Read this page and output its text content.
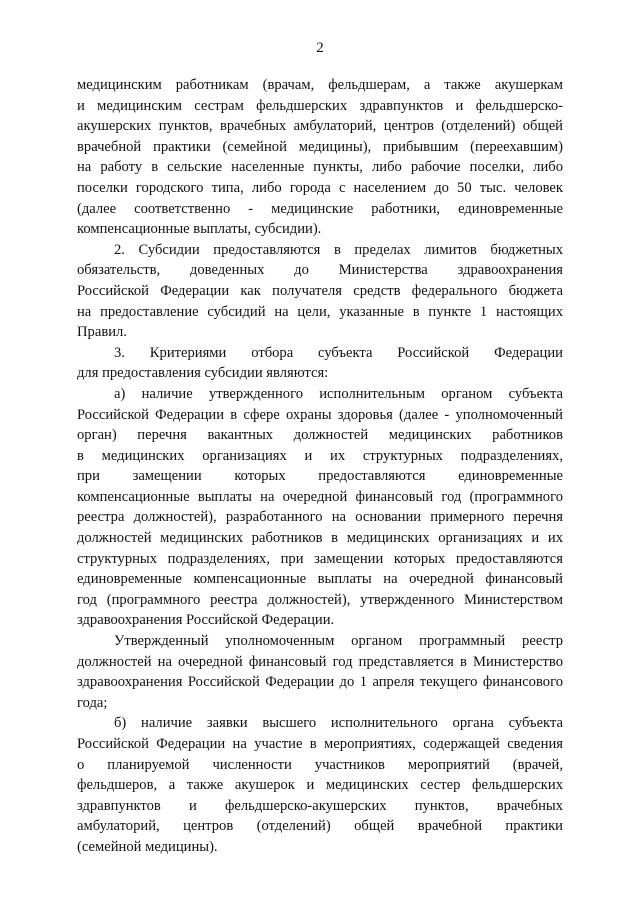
2
медицинским работникам (врачам, фельдшерам, а также акушеркам
и медицинским сестрам фельдшерских здравпунктов и фельдшерско-
акушерских пунктов, врачебных амбулаторий, центров (отделений) общей
врачебной практики (семейной медицины), прибывшим (переехавшим)
на работу в сельские населенные пункты, либо рабочие поселки, либо
поселки городского типа, либо города с населением до 50 тыс. человек
(далее соответственно - медицинские работники, единовременные
компенсационные выплаты, субсидии).
2. Субсидии предоставляются в пределах лимитов бюджетных
обязательств, доведенных до Министерства здравоохранения
Российской Федерации как получателя средств федерального бюджета
на предоставление субсидий на цели, указанные в пункте 1 настоящих
Правил.
3. Критериями отбора субъекта Российской Федерации
для предоставления субсидии являются:
а) наличие утвержденного исполнительным органом субъекта
Российской Федерации в сфере охраны здоровья (далее - уполномоченный
орган) перечня вакантных должностей медицинских работников
в медицинских организациях и их структурных подразделениях,
при замещении которых предоставляются единовременные
компенсационные выплаты на очередной финансовый год (программного
реестра должностей), разработанного на основании примерного перечня
должностей медицинских работников в медицинских организациях и их
структурных подразделениях, при замещении которых предоставляются
единовременные компенсационные выплаты на очередной финансовый
год (программного реестра должностей), утвержденного Министерством
здравоохранения Российской Федерации.
Утвержденный уполномоченным органом программный реестр
должностей на очередной финансовый год представляется в Министерство
здравоохранения Российской Федерации до 1 апреля текущего финансового
года;
б) наличие заявки высшего исполнительного органа субъекта
Российской Федерации на участие в мероприятиях, содержащей сведения
о планируемой численности участников мероприятий (врачей,
фельдшеров, а также акушерок и медицинских сестер фельдшерских
здравпунктов и фельдшерско-акушерских пунктов, врачебных
амбулаторий, центров (отделений) общей врачебной практики
(семейной медицины).
